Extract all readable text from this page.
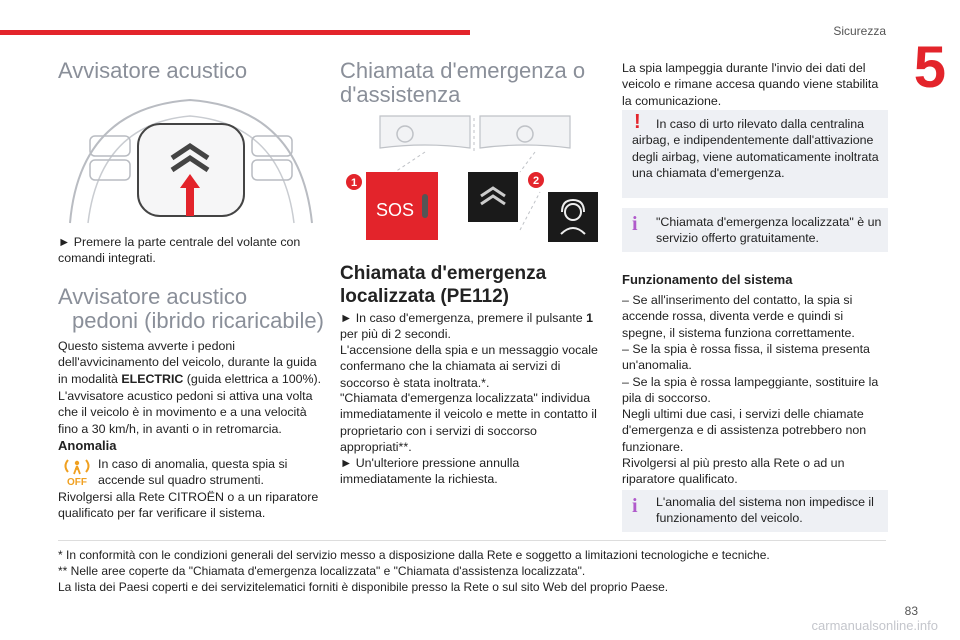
Sicurezza
5
Avvisatore acustico
► Premere la parte centrale del volante con comandi integrati.
Avvisatore acustico
pedoni (ibrido ricaricabile)
Questo sistema avverte i pedoni dell'avvicinamento del veicolo, durante la guida in modalità ELECTRIC (guida elettrica a 100%).
L'avvisatore acustico pedoni si attiva una volta che il veicolo è in movimento e a una velocità fino a 30 km/h, in avanti o in retromarcia.
Anomalia
OFF
In caso di anomalia, questa spia si accende sul quadro strumenti.
Rivolgersi alla Rete CITROËN o a un riparatore qualificato per far verificare il sistema.
Chiamata d'emergenza o
d'assistenza
SOS
1	2
Chiamata d'emergenza
localizzata (PE112)
► In caso d'emergenza, premere il pulsante 1 per più di 2 secondi.
L'accensione della spia e un messaggio vocale confermano che la chiamata ai servizi di soccorso è stata inoltrata.*.
"Chiamata d'emergenza localizzata" individua immediatamente il veicolo e mette in contatto il proprietario con i servizi di soccorso appropriati**.
► Un'ulteriore pressione annulla immediatamente la richiesta.
La spia lampeggia durante l'invio dei dati del veicolo e rimane accesa quando viene stabilita la comunicazione.
!	In caso di urto rilevato dalla centralina airbag, e indipendentemente dall'attivazione degli airbag, viene automaticamente inoltrata una chiamata d'emergenza.
i "Chiamata d'emergenza localizzata" è un servizio offerto gratuitamente.
Funzionamento del sistema
– Se all'inserimento del contatto, la spia si accende rossa, diventa verde e quindi si spegne, il sistema funziona correttamente.
– Se la spia è rossa fissa, il sistema presenta un'anomalia.
– Se la spia è rossa lampeggiante, sostituire la pila di soccorso.
Negli ultimi due casi, i servizi delle chiamate d'emergenza e di assistenza potrebbero non funzionare.
Rivolgersi al più presto alla Rete o ad un riparatore qualificato.
i L'anomalia del sistema non impedisce il funzionamento del veicolo.
* In conformità con le condizioni generali del servizio messo a disposizione dalla Rete e soggetto a limitazioni tecnologiche e tecniche.
** Nelle aree coperte da "Chiamata d'emergenza localizzata" e "Chiamata d'assistenza localizzata".
La lista dei Paesi coperti e dei servizitelematici forniti è disponibile presso la Rete o sul sito Web del proprio Paese.
83
carmanualsonline.info
